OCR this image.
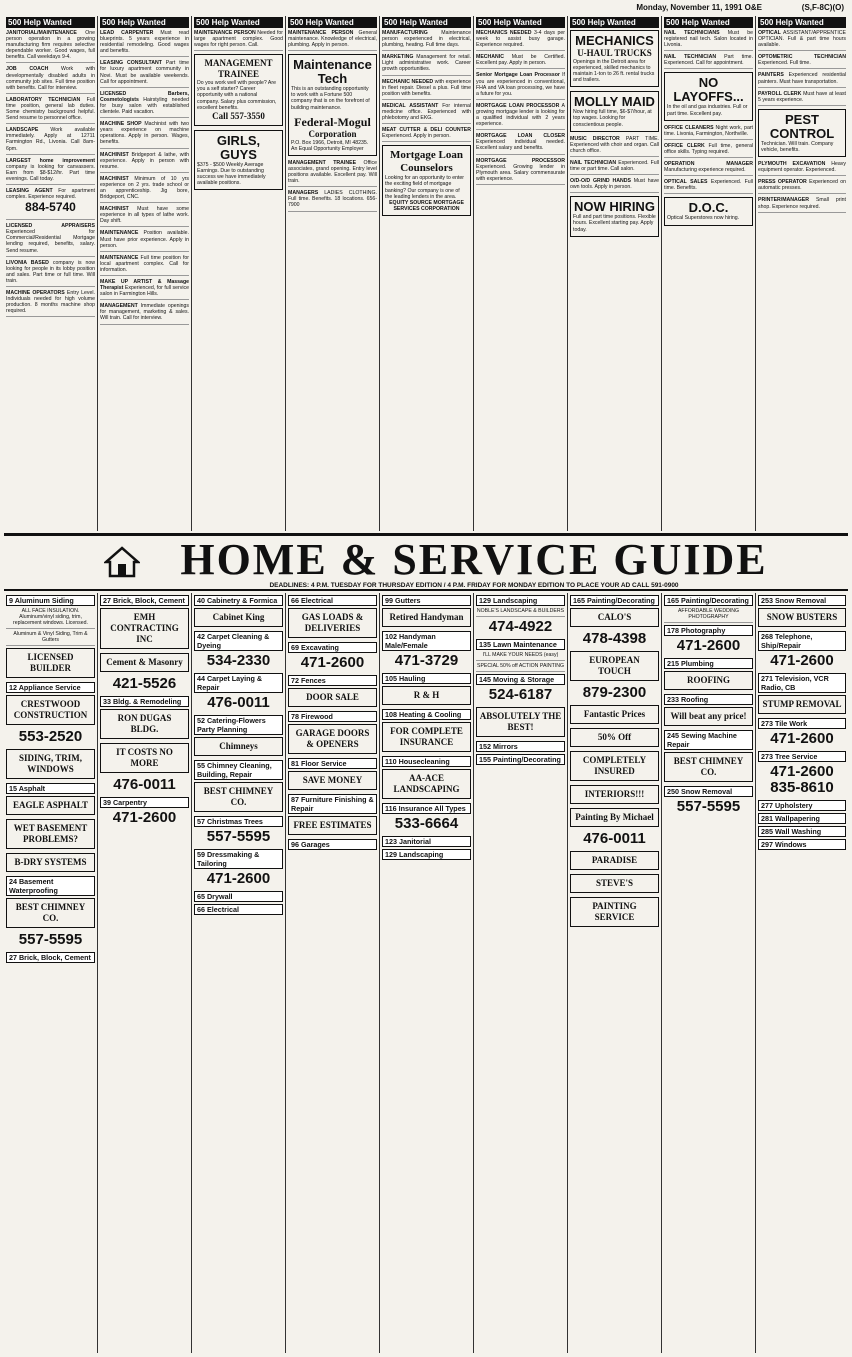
Monday, November 11, 1991 O&E	(S,F-8C)(O)
500 Help Wanted
JANITORIAL/MAINTENANCE One person operation in a growing manufacturing firm requires selective dependable worker. Good wages, full benefits. Call weekdays 9-4.
JOB COACH Work with developmentally disabled adults in community job sites. Full time position with benefits. Call for interview.
LABORATORY TECHNICIAN Full time position, general lab duties. Some chemistry background helpful. Send resume to personnel office.
LANDSCAPE Work available immediately. Apply at 12711 Farmington Rd., Livonia. Call 8am-6pm.
LARGEST home improvement company is looking for canvassers. Earn from $8-$12/hr. Part time evenings. Call today.
LEASING AGENT For apartment complex. Experience required.
884-5740
LICENSED APPRAISERS Experienced for Commercial/Residential Mortgage lending required, benefits, salary. Send resume.
LIVONIA BASED company is now looking for people in its lobby position and sales. Part time or full time. Will train.
MACHINE OPERATORS Entry Level. Individuals needed for high volume production. 8 months machine shop required.
500 Help Wanted
LEAD CARPENTER Must read blueprints. 5 years experience in residential remodeling. Good wages and benefits.
LEASING CONSULTANT Part time for luxury apartment community in Novi. Must be available weekends. Call for appointment.
LICENSED Barbers, Cosmetologists Hairstyling needed for busy salon with established clientele. Paid vacation.
MACHINE SHOP Machinist with two years experience on machine operations. Apply in person. Wages, benefits.
MACHINIST Bridgeport & lathe, with experience. Apply in person with resume.
MACHINIST Minimum of 10 yrs experience on 2 yrs. trade school or an apprenticeship. Jig bore, Bridgeport, CNC.
MACHINIST Must have some experience in all types of lathe work. Day shift.
MAINTENANCE Position available. Must have prior experience. Apply in person.
MAINTENANCE Full time position for local apartment complex. Call for information.
MAKE UP ARTIST & Massage Therapist Experienced, for full service salon in Farmington Hills.
MANAGEMENT Immediate openings for management, marketing & sales. Will train. Call for interview.
500 Help Wanted
MAINTENANCE PERSON Needed for large apartment complex. Good wages for right person. Call.
MANAGEMENT TRAINEE
Do you work well with people? Are you a self starter? Career opportunity with a national company. Salary plus commission, excellent benefits.
Call 557-3550
GIRLS, GUYS
$375 - $500 Weekly Average Earnings. Due to outstanding success we have immediately available positions.
500 Help Wanted
MAINTENANCE PERSON General maintenance. Knowledge of electrical, plumbing. Apply in person.
Maintenance Tech
This is an outstanding opportunity to work with a Fortune 500 company that is on the forefront of building maintenance.
Federal-Mogul
Corporation
P.O. Box 1966, Detroit, MI 48235. An Equal Opportunity Employer
MANAGEMENT TRAINEE Office associates, grand opening. Entry level positions available. Excellent pay. Will train.
MANAGERS LADIES CLOTHING. Full time. Benefits. 18 locations. 656-7900
500 Help Wanted
MANUFACTURING Maintenance person experienced in electrical, plumbing, heating. Full time days.
MARKETING Management for retail. Light administrative work. Career growth opportunities.
MECHANIC NEEDED with experience in fleet repair. Diesel a plus. Full time position with benefits.
MEDICAL ASSISTANT For internal medicine office. Experienced with phlebotomy and EKG.
MEAT CUTTER & DELI COUNTER Experienced. Apply in person.
Mortgage Loan Counselors
Looking for an opportunity to enter the exciting field of mortgage banking? Our company is one of the leading lenders in the area.
EQUITY SOURCE MORTGAGE SERVICES CORPORATION
500 Help Wanted
MECHANICS NEEDED 3-4 days per week to assist busy garage. Experience required.
MECHANIC Must be Certified. Excellent pay. Apply in person.
Senior Mortgage Loan Processor If you are experienced in conventional, FHA and VA loan processing, we have a future for you.
MORTGAGE LOAN PROCESSOR A growing mortgage lender is looking for a qualified individual with 2 years experience.
MORTGAGE LOAN CLOSER Experienced individual needed. Excellent salary and benefits.
MORTGAGE PROCESSOR Experienced. Growing lender in Plymouth area. Salary commensurate with experience.
500 Help Wanted
MECHANICS
U-HAUL TRUCKS
Openings in the Detroit area for experienced, skilled mechanics to maintain 1-ton to 26 ft. rental trucks and trailers.
MOLLY MAID
Now hiring full time, $6-$7/hour, at top wages. Looking for conscientious people.
MUSIC DIRECTOR PART TIME. Experienced with choir and organ. Call church office.
NAIL TECHNICIAN Experienced. Full time or part time. Call salon.
O/D-O/D GRIND HANDS Must have own tools. Apply in person.
NOW HIRING
Full and part time positions. Flexible hours. Excellent starting pay. Apply today.
500 Help Wanted
NAIL TECHNICIANS Must be registered nail tech. Salon located in Livonia.
NAIL TECHNICIAN Part time. Experienced. Call for appointment.
NO LAYOFFS...
In the oil and gas industries. Full or part time. Excellent pay.
OFFICE CLEANERS Night work, part time. Livonia, Farmington, Northville.
OFFICE CLERK Full time, general office skills. Typing required.
OPERATION MANAGER Manufacturing experience required.
OPTICAL SALES Experienced. Full time. Benefits.
D.O.C.
Optical Superstores now hiring.
500 Help Wanted
OPTICAL ASSISTANT/APPRENTICE OPTICIAN. Full & part time hours available.
OPTOMETRIC TECHNICIAN Experienced. Full time.
PAINTERS Experienced residential painters. Must have transportation.
PAYROLL CLERK Must have at least 5 years experience.
PEST CONTROL
Technician. Will train. Company vehicle, benefits.
PLYMOUTH EXCAVATION Heavy equipment operator. Experienced.
PRESS OPERATOR Experienced on automatic presses.
PRINTER/MANAGER Small print shop. Experience required.
HOME & SERVICE GUIDE
DEADLINES: 4 P.M. TUESDAY FOR THURSDAY EDITION / 4 P.M. FRIDAY FOR MONDAY EDITION TO PLACE YOUR AD CALL 591-0900
9 Aluminum Siding
ALL FACE INSULATION. Aluminum/vinyl siding, trim, replacement windows. Licensed.
Aluminum & Vinyl Siding, Trim & Gutters
LICENSED BUILDER
12 Appliance Service
CRESTWOOD CONSTRUCTION
553-2520
SIDING, TRIM, WINDOWS
15 Asphalt
EAGLE ASPHALT
WET BASEMENT PROBLEMS?
B-DRY SYSTEMS
24 Basement Waterproofing
BEST CHIMNEY CO.
557-5595
27 Brick, Block, Cement
27 Brick, Block, Cement
EMH CONTRACTING INC
Cement & Masonry
421-5526
33 Bldg. & Remodeling
RON DUGAS BLDG.
IT COSTS NO MORE
476-0011
39 Carpentry
471-2600
40 Cabinetry & Formica
Cabinet King
42 Carpet Cleaning & Dyeing
534-2330
44 Carpet Laying & Repair
476-0011
52 Catering-Flowers Party Planning
Chimneys
55 Chimney Cleaning, Building, Repair
BEST CHIMNEY CO.
57 Christmas Trees
557-5595
59 Dressmaking & Tailoring
471-2600
65 Drywall
66 Electrical
66 Electrical
GAS LOADS & DELIVERIES
69 Excavating
471-2600
72 Fences
DOOR SALE
78 Firewood
GARAGE DOORS & OPENERS
81 Floor Service
SAVE MONEY
87 Furniture Finishing & Repair
FREE ESTIMATES
96 Garages
99 Gutters
Retired Handyman
102 Handyman Male/Female
471-3729
105 Hauling
R & H
108 Heating & Cooling
FOR COMPLETE INSURANCE
110 Housecleaning
AA-ACE LANDSCAPING
116 Insurance All Types
533-6664
123 Janitorial
129 Landscaping
129 Landscaping
NOBLE'S LANDSCAPE & BUILDERS
474-4922
135 Lawn Maintenance
I'LL MAKE YOUR NEEDS (easy)
SPECIAL 50% off ACTION PAINTING
145 Moving & Storage
524-6187
ABSOLUTELY THE BEST!
152 Mirrors
155 Painting/Decorating
165 Painting/Decorating
CALO'S
478-4398
EUROPEAN TOUCH
879-2300
Fantastic Prices
50% Off
COMPLETELY INSURED
INTERIORS!!!
Painting By Michael
476-0011
PARADISE
STEVE'S
PAINTING SERVICE
165 Painting/Decorating
AFFORDABLE WEDDING PHOTOGRAPHY
178 Photography
471-2600
215 Plumbing
ROOFING
233 Roofing
Will beat any price!
245 Sewing Machine Repair
BEST CHIMNEY CO.
250 Snow Removal
557-5595
253 Snow Removal
SNOW BUSTERS
268 Telephone, Ship/Repair
471-2600
271 Television, VCR Radio, CB
STUMP REMOVAL
273 Tile Work
471-2600
273 Tree Service
471-2600 835-8610
277 Upholstery
281 Wallpapering
285 Wall Washing
297 Windows
